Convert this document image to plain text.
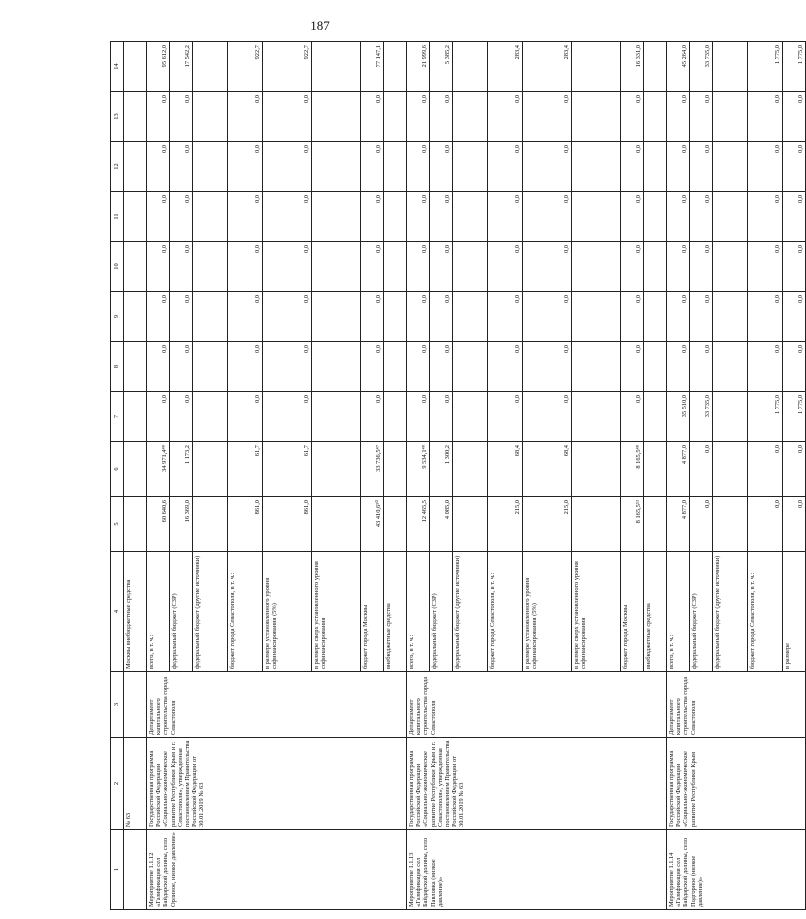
187
1	2	3	4	5	6	7	8	9	10	11	12	13	14
	№ 63		Москвы внебюджетные средства										
Мероприятие 1.1.12 «Газификация сел Байдарской долины, село Орлиное, низкое давление»	Государственная программа Российской Федерации «Социально-экономическое развитие Республики Крым и г. Севастополя», утвержденная постановлением Правительства Российской Федерации от 30.01.2019 № 63	Департамент капитального строительства города Севастополя	всего, в т. ч.:	60 640,6	34 971,4⁴⁸	0,0	0,0	0,0	0,0	0,0	0,0	0,0	95 612,0
			федеральный бюджет (СЗР)	16 369,0	1 173,2	0,0	0,0	0,0	0,0	0,0	0,0	0,0	17 542,2
			федеральный бюджет (другие источники)										
			бюджет города Севастополя, в т. ч.:	861,0	61,7	0,0	0,0	0,0	0,0	0,0	0,0	0,0	922,7
			в размере установленного уровня софинансирования (5%)	861,0	61,7	0,0	0,0	0,0	0,0	0,0	0,0	0,0	922,7
			в размере сверх установленного уровня софинансирования										
			бюджет города Москвы	43 410,6⁵⁰	33 736,5⁴⁷	0,0	0,0	0,0	0,0	0,0	0,0	0,0	77 147,1
			внебюджетные средства										
Мероприятие 1.1.13 «Газификация сел Байдарской долины, село Павловка (низкое давление)»	Государственная программа Российской Федерации «Социально-экономическое развитие Республики Крым и г. Севастополя», утвержденная постановлением Правительства Российской Федерации от 30.01.2019 № 63	Департамент капитального строительства города Севастополя	всего, в т. ч.:	12 465,5	9 534,1⁴⁸	0,0	0,0	0,0	0,0	0,0	0,0	0,0	21 999,6
			федеральный бюджет (СЗР)	4 085,0	1 300,2	0,0	0,0	0,0	0,0	0,0	0,0	0,0	5 385,2
			федеральный бюджет (другие источники)										
			бюджет города Севастополя, в т. ч.:	215,0	68,4	0,0	0,0	0,0	0,0	0,0	0,0	0,0	283,4
			в размере установленного уровня софинансирования (5%)	215,0	68,4	0,0	0,0	0,0	0,0	0,0	0,0	0,0	283,4
			в размере сверх установленного уровня софинансирования										
			бюджет города Москвы	8 165,5⁵²	8 165,5⁴⁸	0,0	0,0	0,0	0,0	0,0	0,0	0,0	16 331,0
			внебюджетные средства										
Мероприятие 1.1.14 «Газификация сел Байдарской долины, село Подгорное (низкое давление)»	Государственная программа Российской Федерации «Социально-экономическое развитие Республики Крым	Департамент капитального строительства города Севастополя	всего, в т. ч.:	4 877,0	4 877,0	35 510,0	0,0	0,0	0,0	0,0	0,0	0,0	45 264,0
			федеральный бюджет (СЗР)	0,0	0,0	33 735,0	0,0	0,0	0,0	0,0	0,0	0,0	33 735,0
			федеральный бюджет (другие источники)										
			бюджет города Севастополя, в т. ч.:	0,0	0,0	1 775,0	0,0	0,0	0,0	0,0	0,0	0,0	1 775,0
			в размере	0,0	0,0	1 775,0	0,0	0,0	0,0	0,0	0,0	0,0	1 775,0
